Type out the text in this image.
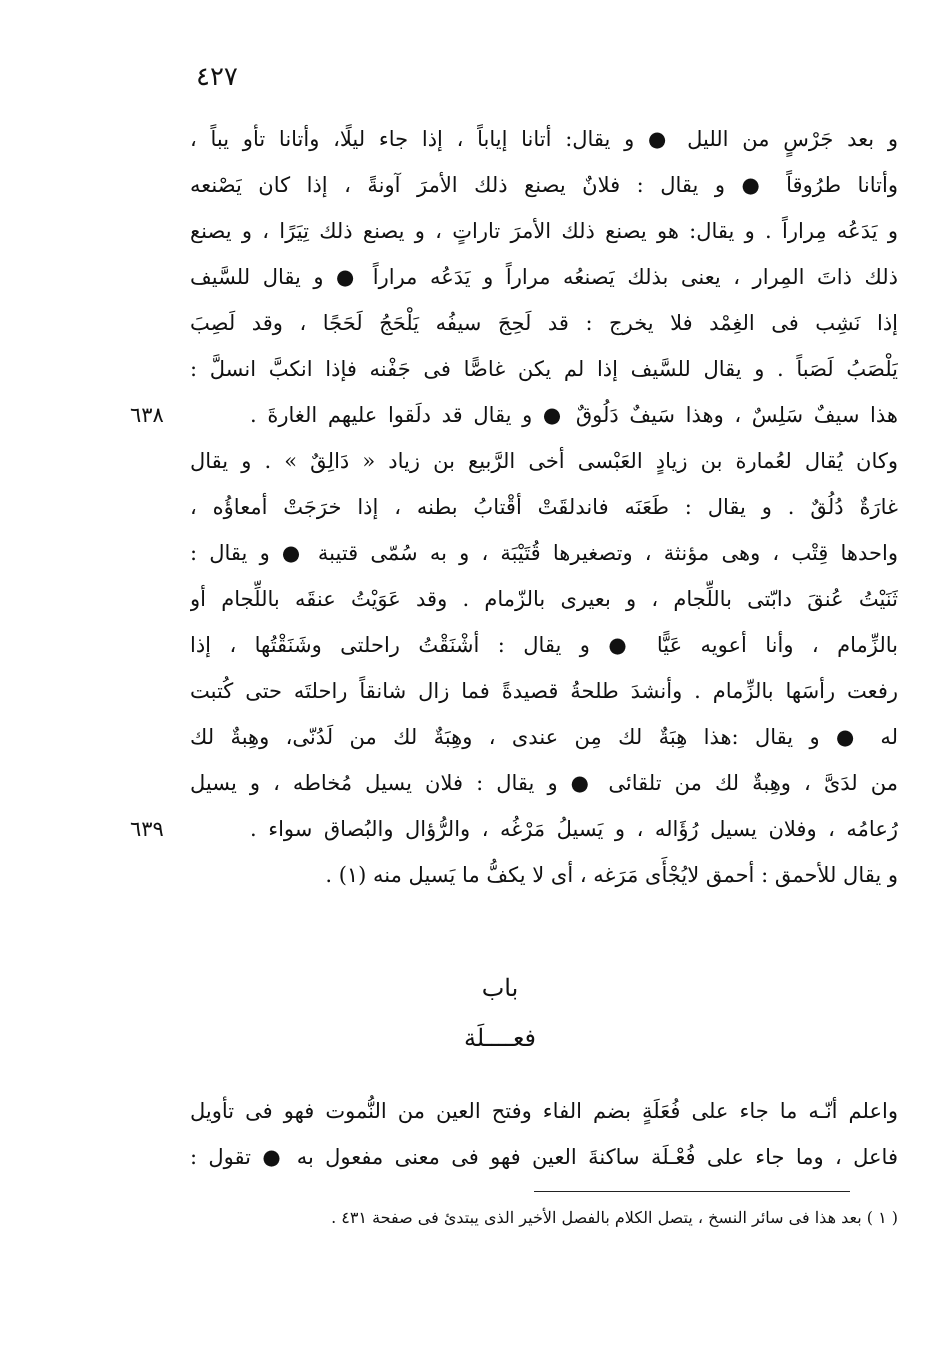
٤٢٧
و بعد جَرْسٍ من الليل ● و يقال: أتانا إياباً ، إذا جاء ليلًا، وأتانا تأو يباً ،
وأتانا طرُوقاً ● و يقال : فلانٌ يصنع ذلك الأمرَ آونةً ، إذا كان يَصْنعه
و يَدَعُه مِراراً . و يقال: هو يصنع ذلك الأمرَ تاراتٍ ، و يصنع ذلك تِيَرًا ، و يصنع
ذلك ذاتَ المِرار ، يعنى بذلك يَصنعُه مراراً و يَدَعُه مراراً ● و يقال للسَّيف
إذا نَشِب فى الغِمْد فلا يخرج : قد لَحِجَ سيفُه يَلْحَجُ لَحَجًا ، وقد لَصِبَ
يَلْصَبُ لَصَباً . و يقال للسَّيف إذا لم يكن غاصًّا فى جَفْنه فإذا انكبَّ انسلَّ :
هذا سيفٌ سَلِسٌ ، وهذا سَيفٌ دَلُوقٌ ● و يقال قد دلَقوا عليهم الغارةَ .
وكان يُقال لعُمارة بن زيادٍ العَبْسى أخى الرَّبيع بن زياد « دَالِقٌ » . و يقال
غارَةٌ دُلُقٌ . و يقال : طَعَنَه فاندلقَتْ أقْتابُ بطنه ، إذا خرَجَتْ أمعاؤُه ،
واحدها قِتْب ، وهى مؤنثة ، وتصغيرها قُتَيْبَة ، و به سُمّى قتيبة ● و يقال :
ثَنَيْتُ عُنقَ دابّتى باللِّجام ، و بعيرى بالزّمام . وقد عَوَيْتُ عنقَه باللِّجام أو
بالزِّمام ، وأنا أعويه عَيًّا ● و يقال : أشْنَقْتُ راحلتى وشَنَقْتُها ، إذا
رفعت رأسَها بالزِّمام . وأنشدَ طلحةُ قصيدةً فما زال شانقاً راحلتَه حتى كُتبت
له ● و يقال :هذا هِبَةٌ لك مِن عندى ، وهِبَةٌ لك من لَدُنّى، وهِبةٌ لك
من لدَىَّ ، وهِبةٌ لك من تلقائى ● و يقال : فلان يسيل مُخاطه ، و يسيل
رُعامُه ، وفلان يسيل رُؤَاله ، و يَسيلُ مَرْغُه ، والرُّؤال والبُصاق سواء .
و يقال للأحمق : أحمق لايُجْأَى مَرَغه ، أى لا يكفُّ ما يَسيل منه (١) .
٦٣٨
٦٣٩
باب
فعــــلَة
واعلم أنّـه ما جاء على فُعَلَةٍ بضم الفاء وفتح العين من النُّموت فهو فى تأويل
فاعل ، وما جاء على فُعْـلَة ساكنةَ العين فهو فى معنى مفعول به ● تقول :
( ١ ) بعد هذا فى سائر النسخ ، يتصل الكلام بالفصل الأخير الذى يبتدئ فى صفحة ٤٣١ .
